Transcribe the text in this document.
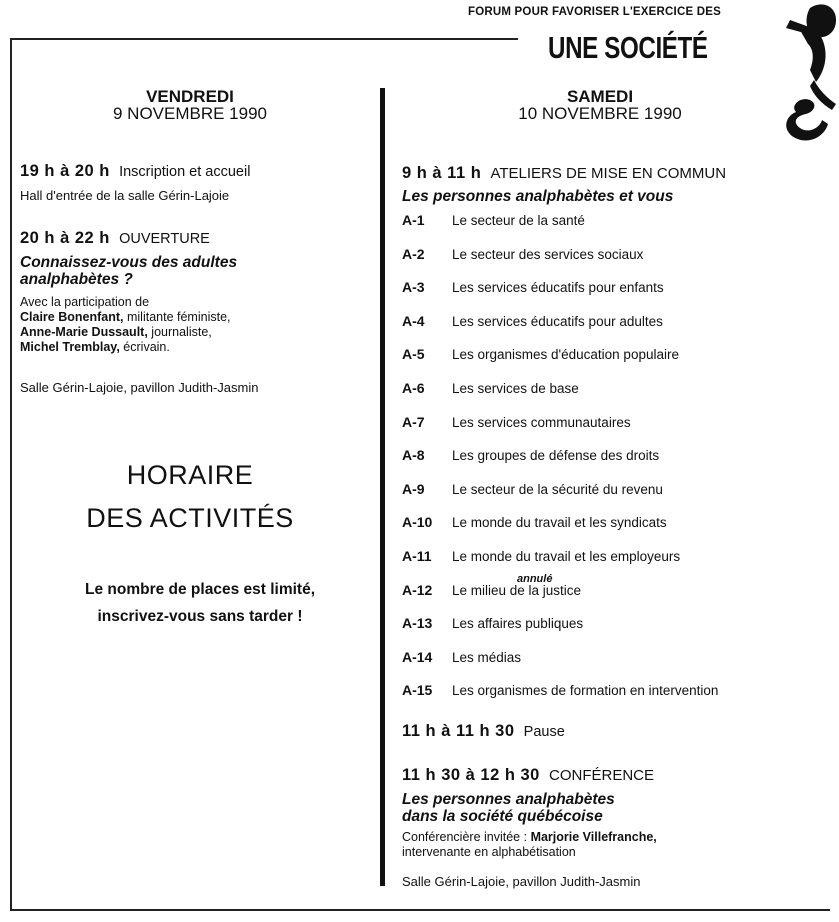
FORUM POUR FAVORISER L'EXERCICE DES
UNE SOCIÉTÉ
VENDREDI
9 NOVEMBRE 1990
19 h à 20 h Inscription et accueil
Hall d'entrée de la salle Gérin-Lajoie
20 h à 22 h OUVERTURE
Connaissez-vous des adultes
analphabètes ?
Avec la participation de
Claire Bonenfant, militante féministe,
Anne-Marie Dussault, journaliste,
Michel Tremblay, écrivain.
Salle Gérin-Lajoie, pavillon Judith-Jasmin
HORAIRE
DES ACTIVITÉS
Le nombre de places est limité,
inscrivez-vous sans tarder !
SAMEDI
10 NOVEMBRE 1990
9 h à 11 h ATELIERS DE MISE EN COMMUN
Les personnes analphabètes et vous
A-1 Le secteur de la santé
A-2 Le secteur des services sociaux
A-3 Les services éducatifs pour enfants
A-4 Les services éducatifs pour adultes
A-5 Les organismes d'éducation populaire
A-6 Les services de base
A-7 Les services communautaires
A-8 Les groupes de défense des droits
A-9 Le secteur de la sécurité du revenu
A-10 Le monde du travail et les syndicats
A-11 Le monde du travail et les employeurs
A-12 Le milieu de la justice
annulé
A-13 Les affaires publiques
A-14 Les médias
A-15 Les organismes de formation en intervention
11 h à 11 h 30 Pause
11 h 30 à 12 h 30 CONFÉRENCE
Les personnes analphabètes
dans la société québécoise
Conférencière invitée : Marjorie Villefranche,
intervenante en alphabétisation
Salle Gérin-Lajoie, pavillon Judith-Jasmin
